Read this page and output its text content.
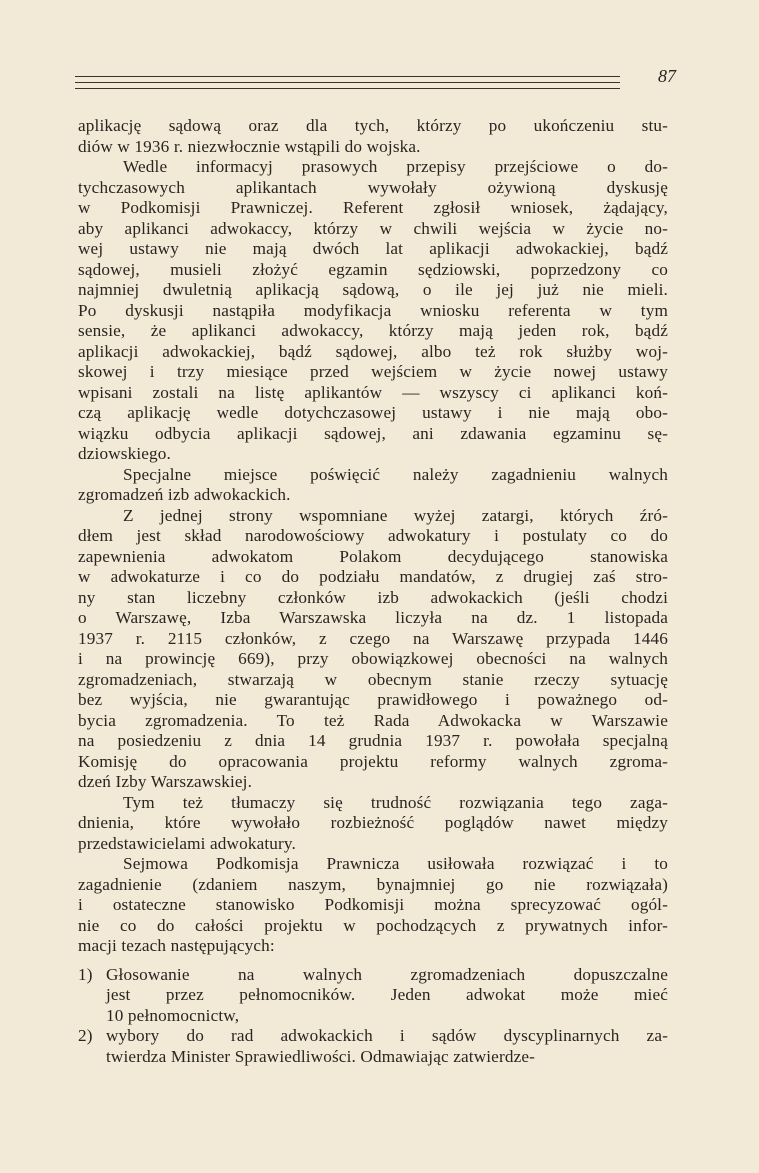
87
aplikację sądową oraz dla tych, którzy po ukończeniu stu-
diów w 1936 r. niezwłocznie wstąpili do wojska.
Wedle informacyj prasowych przepisy przejściowe o do-
tychczasowych aplikantach wywołały ożywioną dyskusję
w Podkomisji Prawniczej. Referent zgłosił wniosek, żądający,
aby aplikanci adwokaccy, którzy w chwili wejścia w życie no-
wej ustawy nie mają dwóch lat aplikacji adwokackiej, bądź
sądowej, musieli złożyć egzamin sędziowski, poprzedzony co
najmniej dwuletnią aplikacją sądową, o ile jej już nie mieli.
Po dyskusji nastąpiła modyfikacja wniosku referenta w tym
sensie, że aplikanci adwokaccy, którzy mają jeden rok, bądź
aplikacji adwokackiej, bądź sądowej, albo też rok służby woj-
skowej i trzy miesiące przed wejściem w życie nowej ustawy
wpisani zostali na listę aplikantów — wszyscy ci aplikanci koń-
czą aplikację wedle dotychczasowej ustawy i nie mają obo-
wiązku odbycia aplikacji sądowej, ani zdawania egzaminu sę-
dziowskiego.
Specjalne miejsce poświęcić należy zagadnieniu walnych
zgromadzeń izb adwokackich.
Z jednej strony wspomniane wyżej zatargi, których źró-
dłem jest skład narodowościowy adwokatury i postulaty co do
zapewnienia adwokatom Polakom decydującego stanowiska
w adwokaturze i co do podziału mandatów, z drugiej zaś stro-
ny stan liczebny członków izb adwokackich (jeśli chodzi
o Warszawę, Izba Warszawska liczyła na dz. 1 listopada
1937 r. 2115 członków, z czego na Warszawę przypada 1446
i na prowincję 669), przy obowiązkowej obecności na walnych
zgromadzeniach, stwarzają w obecnym stanie rzeczy sytuację
bez wyjścia, nie gwarantując prawidłowego i poważnego od-
bycia zgromadzenia. To też Rada Adwokacka w Warszawie
na posiedzeniu z dnia 14 grudnia 1937 r. powołała specjalną
Komisję do opracowania projektu reformy walnych zgroma-
dzeń Izby Warszawskiej.
Tym też tłumaczy się trudność rozwiązania tego zaga-
dnienia, które wywołało rozbieżność poglądów nawet między
przedstawicielami adwokatury.
Sejmowa Podkomisja Prawnicza usiłowała rozwiązać i to
zagadnienie (zdaniem naszym, bynajmniej go nie rozwiązała)
i ostateczne stanowisko Podkomisji można sprecyzować ogól-
nie co do całości projektu w pochodzących z prywatnych infor-
macji tezach następujących:
1) Głosowanie na walnych zgromadzeniach dopuszczalne
jest przez pełnomocników. Jeden adwokat może mieć
10 pełnomocnictw,
2) wybory do rad adwokackich i sądów dyscyplinarnych za-
twierdza Minister Sprawiedliwości. Odmawiając zatwierdze-
